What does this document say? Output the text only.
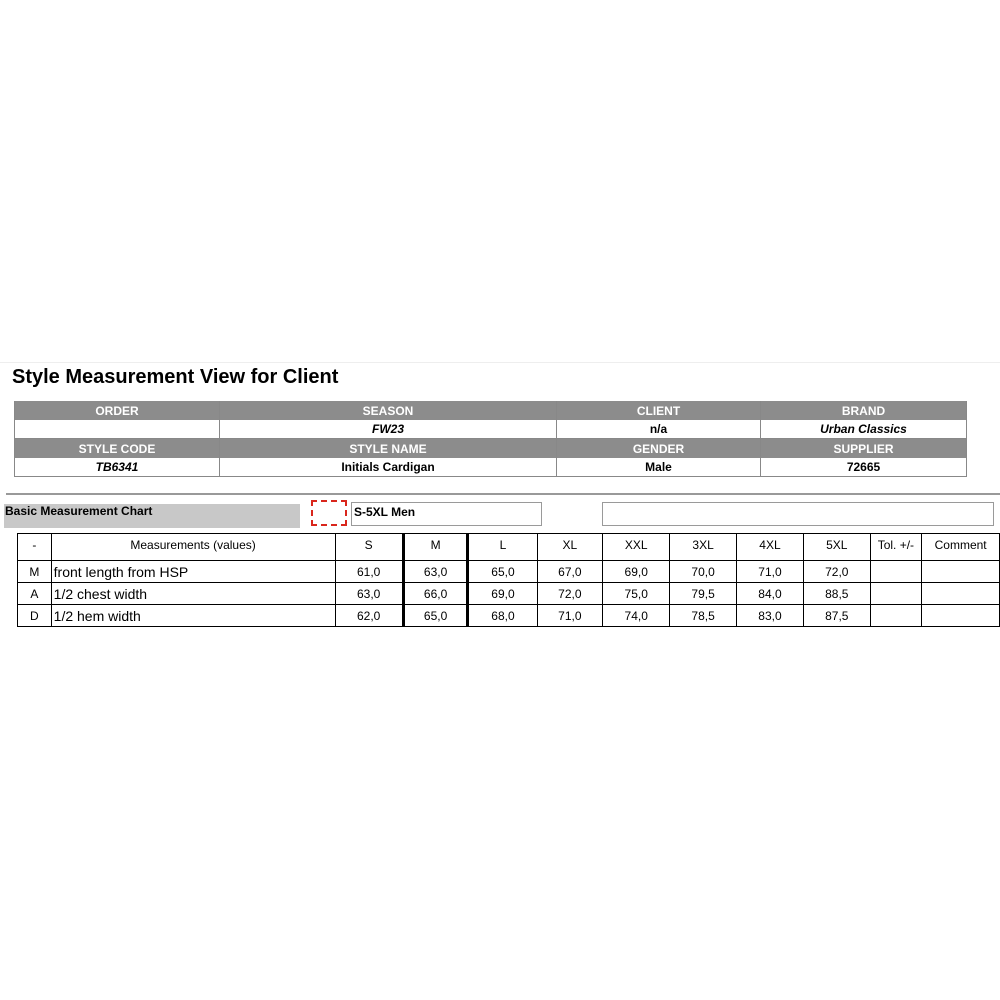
Style Measurement View for Client
ORDER	SEASON	CLIENT	BRAND
	FW23	n/a	Urban Classics
STYLE CODE	STYLE NAME	GENDER	SUPPLIER
TB6341	Initials Cardigan	Male	72665
Basic Measurement Chart	S-5XL Men
-	Measurements (values)	S	M	L	XL	XXL	3XL	4XL	5XL	Tol. +/-	Comment
M	front length from HSP	61,0	63,0	65,0	67,0	69,0	70,0	71,0	72,0		
A	1/2 chest width	63,0	66,0	69,0	72,0	75,0	79,5	84,0	88,5		
D	1/2 hem width	62,0	65,0	68,0	71,0	74,0	78,5	83,0	87,5		
